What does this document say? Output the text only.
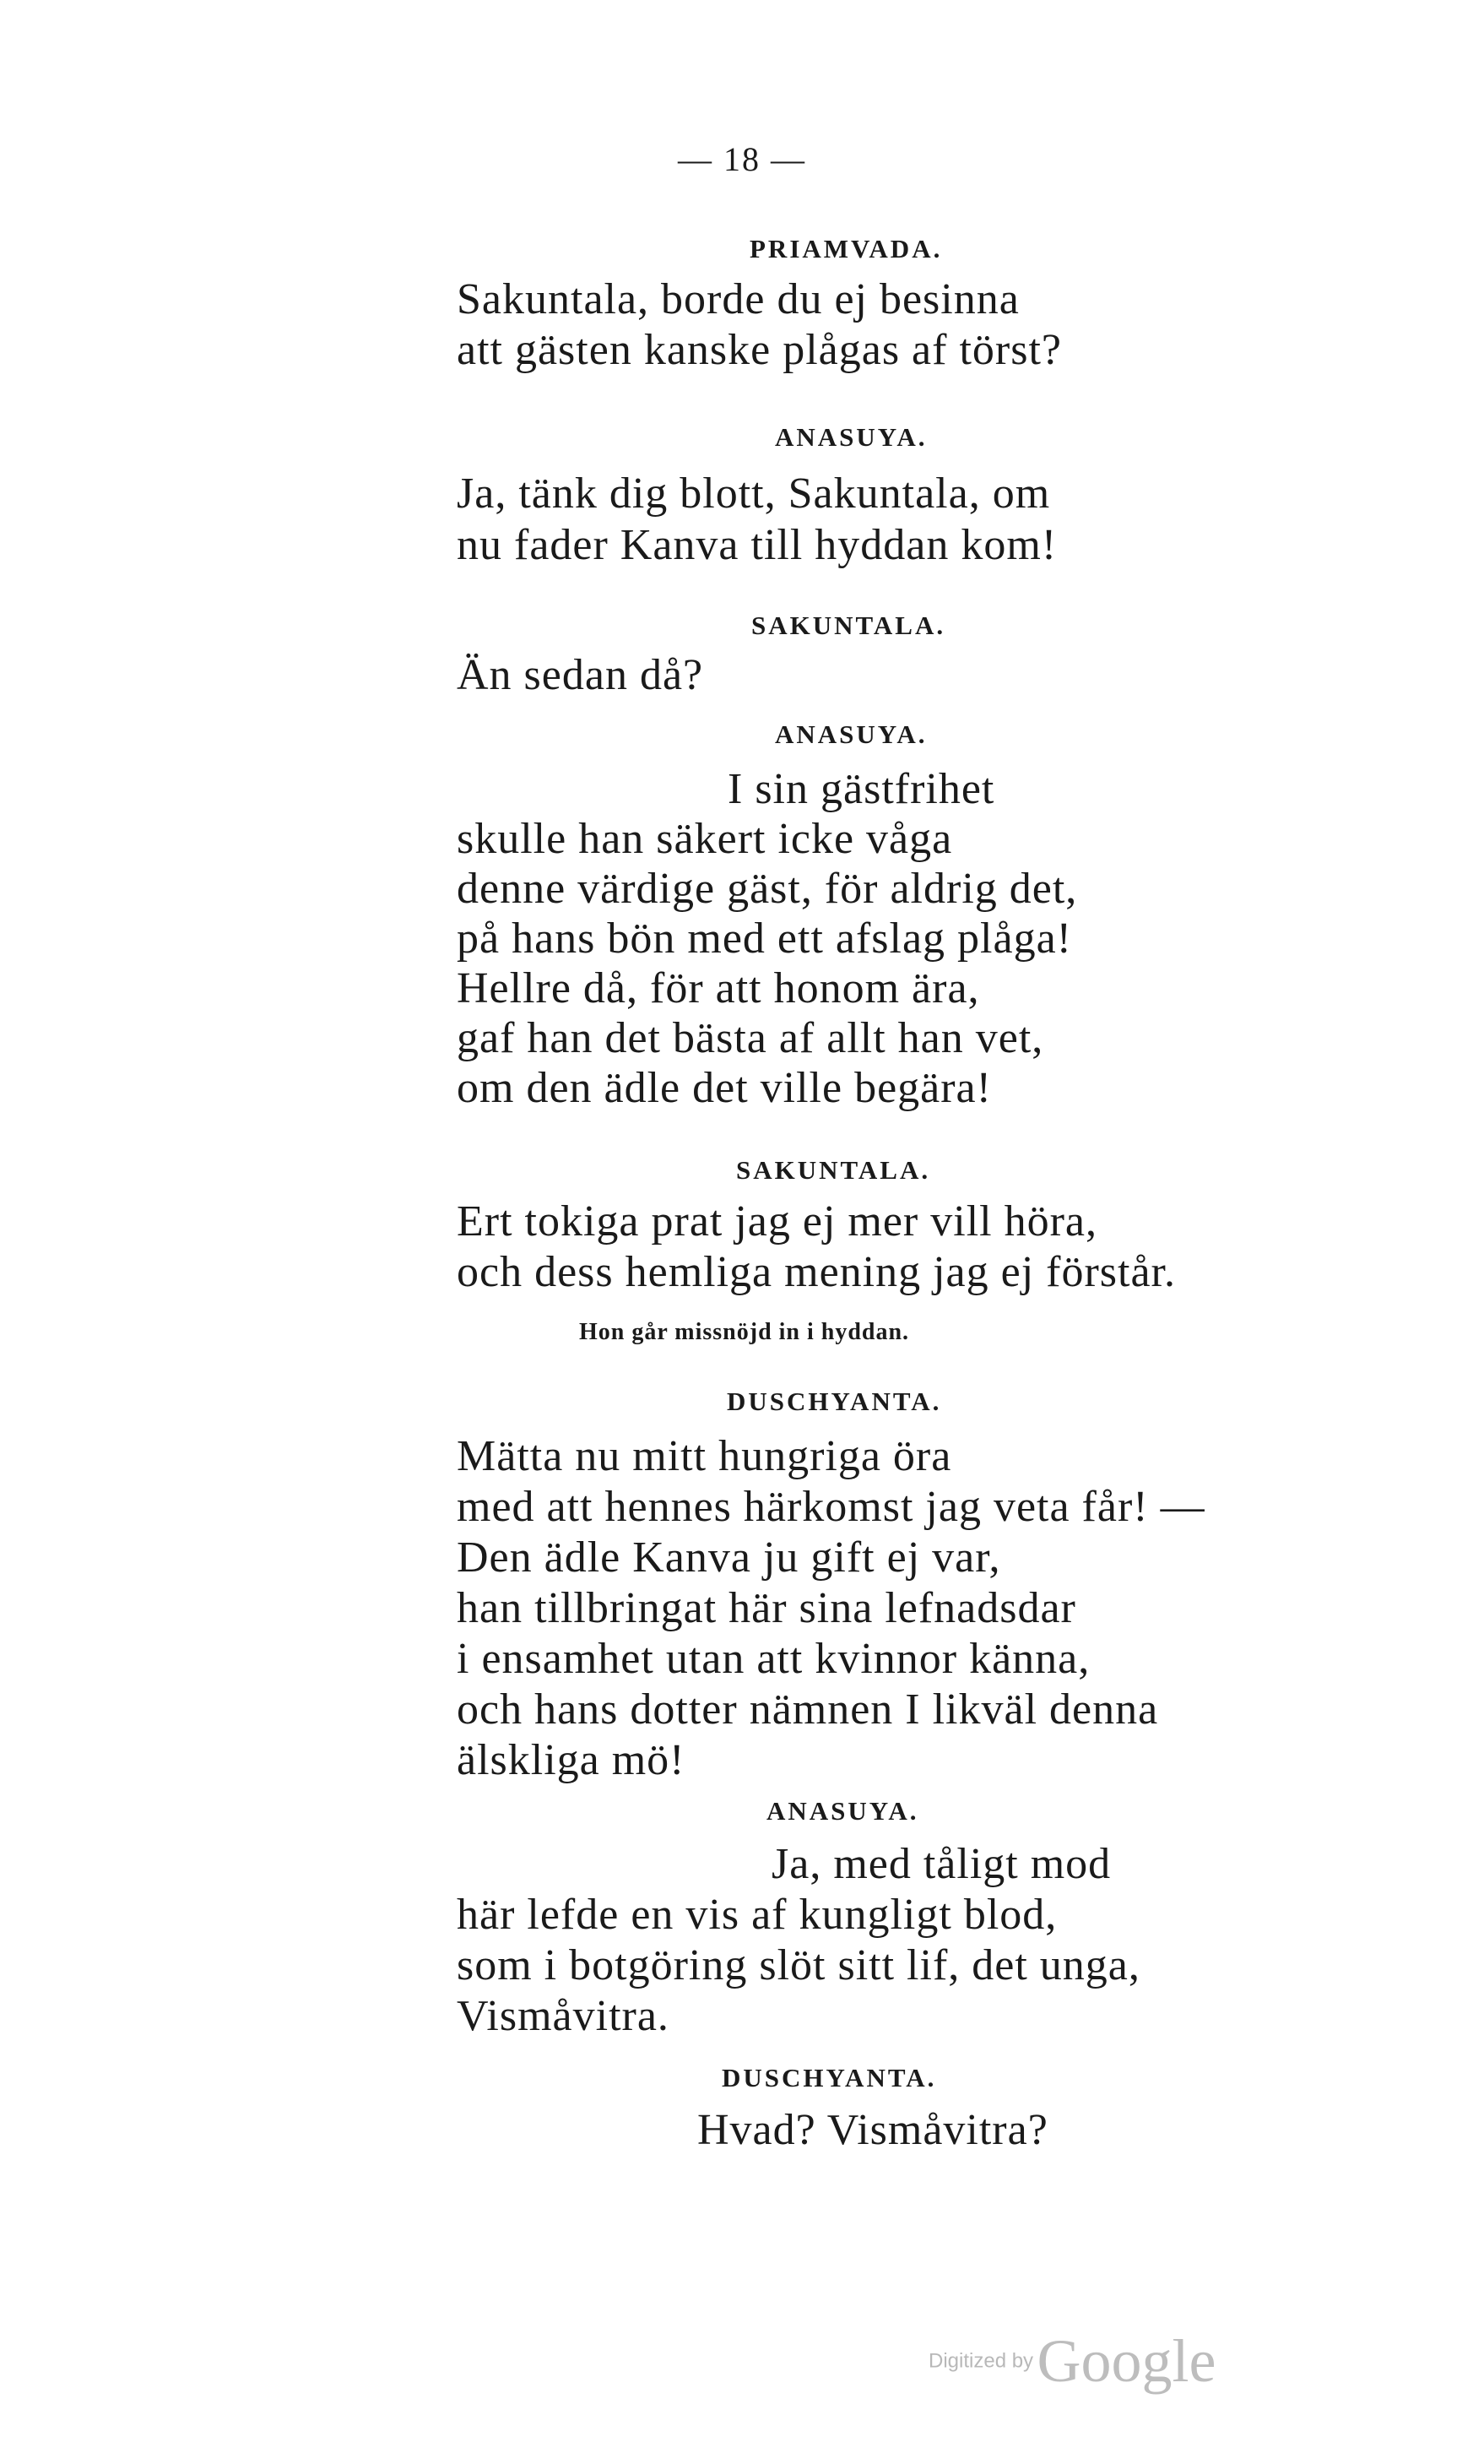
— 18 —
PRIAMVADA.
Sakuntala, borde du ej besinna
att gästen kanske plågas af törst?
ANASUYA.
Ja, tänk dig blott, Sakuntala, om
nu fader Kanva till hyddan kom!
SAKUNTALA.
Än sedan då?
ANASUYA.
I sin gästfrihet
skulle han säkert icke våga
denne värdige gäst, för aldrig det,
på hans bön med ett afslag plåga!
Hellre då, för att honom ära,
gaf han det bästa af allt han vet,
om den ädle det ville begära!
SAKUNTALA.
Ert tokiga prat jag ej mer vill höra,
och dess hemliga mening jag ej förstår.
Hon går missnöjd in i hyddan.
DUSCHYANTA.
Mätta nu mitt hungriga öra
med att hennes härkomst jag veta får! —
Den ädle Kanva ju gift ej var,
han tillbringat här sina lefnadsdar
i ensamhet utan att kvinnor känna,
och hans dotter nämnen I likväl denna
älskliga mö!
ANASUYA.
Ja, med tåligt mod
här lefde en vis af kungligt blod,
som i botgöring slöt sitt lif, det unga,
Vismåvitra.
DUSCHYANTA.
Hvad? Vismåvitra?
Digitized by Google
